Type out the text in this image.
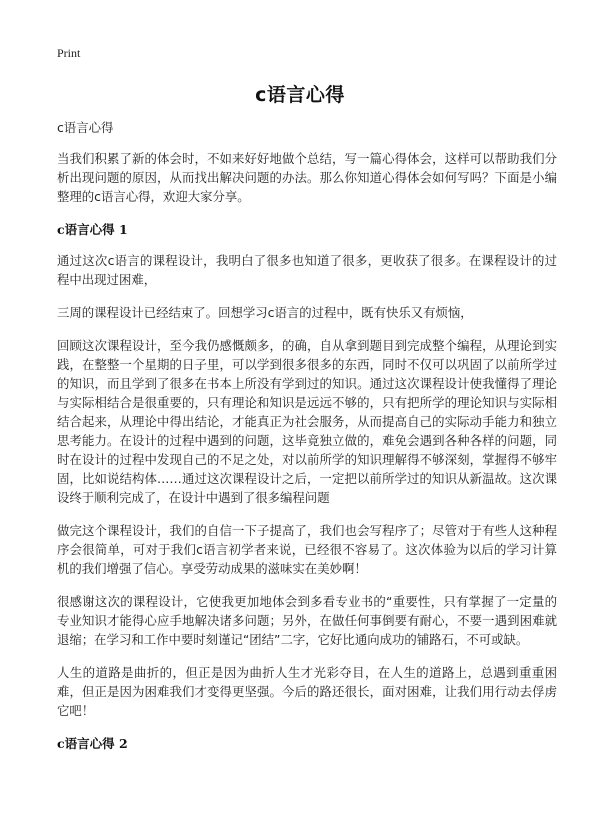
Print
c语言心得

c语言心得

当我们积累了新的体会时，不如来好好地做个总结，写一篇心得体会，这样可以帮助我们分析出现问题的原因，从而找出解决问题的办法。那么你知道心得体会如何写吗？下面是小编整理的c语言心得，欢迎大家分享。

c语言心得 1

通过这次c语言的课程设计，我明白了很多也知道了很多，更收获了很多。在课程设计的过程中出现过困难，

三周的课程设计已经结束了。回想学习c语言的过程中，既有快乐又有烦恼，

回顾这次课程设计，至今我仍感慨颇多，的确，自从拿到题目到完成整个编程，从理论到实践，在整整一个星期的日子里，可以学到很多很多的东西，同时不仅可以巩固了以前所学过的知识，而且学到了很多在书本上所没有学到过的知识。通过这次课程设计使我懂得了理论与实际相结合是很重要的，只有理论和知识是远远不够的，只有把所学的理论知识与实际相结合起来，从理论中得出结论，才能真正为社会服务，从而提高自己的实际动手能力和独立思考能力。在设计的过程中遇到的问题，这毕竟独立做的，难免会遇到各种各样的问题，同时在设计的过程中发现自己的不足之处，对以前所学的知识理解得不够深刻，掌握得不够牢固，比如说结构体……通过这次课程设计之后，一定把以前所学过的知识从新温故。这次课设终于顺利完成了，在设计中遇到了很多编程问题

做完这个课程设计，我们的自信一下子提高了，我们也会写程序了；尽管对于有些人这种程序会很简单，可对于我们c语言初学者来说，已经很不容易了。这次体验为以后的学习计算机的我们增强了信心。享受劳动成果的滋味实在美妙啊！

很感谢这次的课程设计，它使我更加地体会到多看专业书的“重要性，只有掌握了一定量的专业知识才能得心应手地解决诸多问题；另外，在做任何事倒要有耐心，不要一遇到困难就退缩；在学习和工作中要时刻谨记“团结”二字，它好比通向成功的铺路石，不可或缺。

人生的道路是曲折的，但正是因为曲折人生才光彩夺目，在人生的道路上，总遇到重重困难，但正是因为困难我们才变得更坚强。今后的路还很长，面对困难，让我们用行动去俘虏它吧！

c语言心得 2
